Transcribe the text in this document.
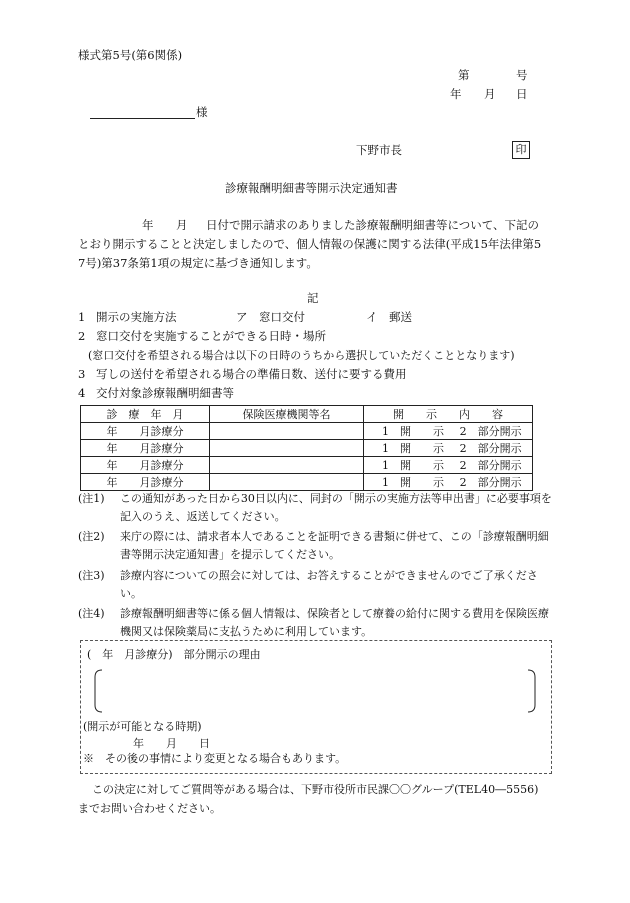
様式第5号(第6関係)
第	号
年 月 日
様
下野市長	印
診療報酬明細書等開示決定通知書
年 月 日付で開示請求のありました診療報酬明細書等について、下記の
とおり開示することと決定しましたので、個人情報の保護に関する法律(平成15年法律第5
7号)第37条第1項の規定に基づき通知します。
記
1 開示の実施方法	ア　窓口交付	イ　郵送
2 窓口交付を実施することができる日時・場所
(窓口交付を希望される場合は以下の日時のうちから選択していただくこととなります)
3 写しの送付を希望される場合の準備日数、送付に要する費用
4 交付対象診療報酬明細書等
診　療　年　月	保険医療機関等名	開　　示　　内　　容	
年　　月診療分		1　開　　示	2　部分開示
年　　月診療分		1　開　　示	2　部分開示
年　　月診療分		1　開　　示	2　部分開示
年　　月診療分		1　開　　示	2　部分開示
(注1) この通知があった日から30日以内に、同封の「開示の実施方法等申出書」に必要事項を記入のうえ、返送してください。
(注2) 来庁の際には、請求者本人であることを証明できる書類に併せて、この「診療報酬明細書等開示決定通知書」を提示してください。
(注3) 診療内容についての照会に対しては、お答えすることができませんのでご了承ください。
(注4) 診療報酬明細書等に係る個人情報は、保険者として療養の給付に関する費用を保険医療機関又は保険薬局に支払うために利用しています。
(　年　月診療分)　部分開示の理由
(開示が可能となる時期)
年　　月　　日
※　その後の事情により変更となる場合もあります。
この決定に対してご質問等がある場合は、下野市役所市民課〇〇グループ(TEL40―5556)
までお問い合わせください。
